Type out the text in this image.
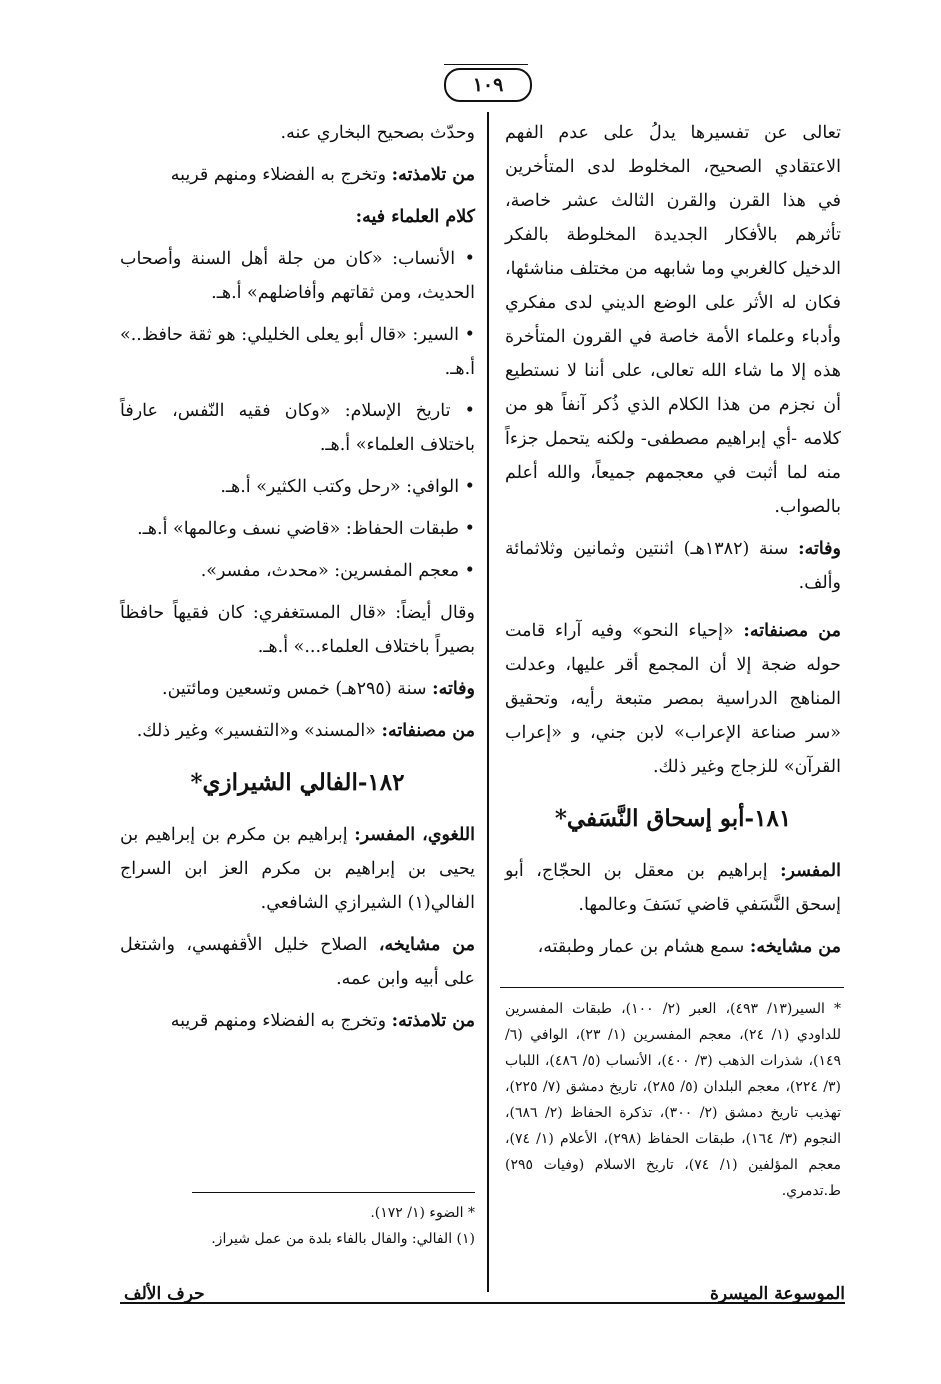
١٠٩

تعالى عن تفسيرها يدلُ على عدم الفهم الاعتقادي الصحيح، المخلوط لدى المتأخرين في هذا القرن والقرن الثالث عشر خاصة، تأثرهم بالأفكار الجديدة المخلوطة بالفكر الدخيل كالغربي وما شابهه من مختلف مناشئها، فكان له الأثر على الوضع الديني لدى مفكري وأدباء وعلماء الأمة خاصة في القرون المتأخرة هذه إلا ما شاء الله تعالى، على أننا لا نستطيع أن نجزم من هذا الكلام الذي ذُكر آنفاً هو من كلامه -أي إبراهيم مصطفى- ولكنه يتحمل جزءاً منه لما أثبت في معجمهم جميعاً، والله أعلم بالصواب.

وفاته: سنة (١٣٨٢هـ) اثنتين وثمانين وثلاثمائة وألف.

من مصنفاته: «إحياء النحو» وفيه آراء قامت حوله ضجة إلا أن المجمع أقر عليها، وعدلت المناهج الدراسية بمصر متبعة رأيه، وتحقيق «سر صناعة الإعراب» لابن جني، و «إعراب القرآن» للزجاج وغير ذلك.

١٨١-أبو إسحاق النَّسَفي*

المفسر: إبراهيم بن معقل بن الحجّاج، أبو إسحق النَّسَفي قاضي نَسَفَ وعالمها.

من مشايخه: سمع هشام بن عمار وطبقته،

* السير(١٣/ ٤٩٣)، العبر (٢/ ١٠٠)، طبقات المفسرين للداودي (١/ ٢٤)، معجم المفسرين (١/ ٢٣)، الوافي (٦/ ١٤٩)، شذرات الذهب (٣/ ٤٠٠)، الأنساب (٥/ ٤٨٦)، اللباب (٣/ ٢٢٤)، معجم البلدان (٥/ ٢٨٥)، تاريخ دمشق (٧/ ٢٢٥)، تهذيب تاريخ دمشق (٢/ ٣٠٠)، تذكرة الحفاظ (٢/ ٦٨٦)، النجوم (٣/ ١٦٤)، طبقات الحفاظ (٢٩٨)، الأعلام (١/ ٧٤)، معجم المؤلفين (١/ ٧٤)، تاريخ الاسلام (وفيات ٢٩٥) ط.تدمري.

وحدّث بصحيح البخاري عنه.

من تلامذته: وتخرج به الفضلاء ومنهم قريبه

كلام العلماء فيه:

• الأنساب: «كان من جلة أهل السنة وأصحاب الحديث، ومن ثقاتهم وأفاضلهم» أ.هـ.

• السير: «قال أبو يعلى الخليلي: هو ثقة حافظ..» أ.هـ.

• تاريخ الإسلام: «وكان فقيه النّفس، عارفاً باختلاف العلماء» أ.هـ.

• الوافي: «رحل وكتب الكثير» أ.هـ.

• طبقات الحفاظ: «قاضي نسف وعالمها» أ.هـ.

• معجم المفسرين: «محدث، مفسر».

وقال أيضاً: «قال المستغفري: كان فقيهاً حافظاً بصيراً باختلاف العلماء...» أ.هـ.

وفاته: سنة (٢٩٥هـ) خمس وتسعين ومائتين.

من مصنفاته: «المسند» و«التفسير» وغير ذلك.

١٨٢-الفالي الشيرازي*

اللغوي، المفسر: إبراهيم بن مكرم بن إبراهيم بن يحيى بن إبراهيم بن مكرم العز ابن السراج الفالي(١) الشيرازي الشافعي.

من مشايخه، الصلاح خليل الأقفهسي، واشتغل على أبيه وابن عمه.

من تلامذته: وتخرج به الفضلاء ومنهم قريبه

* الضوء (١/ ١٧٢).

(١) الفالي: والفال بالفاء بلدة من عمل شيراز.

الموسوعة الميسرة
حرف الألف
